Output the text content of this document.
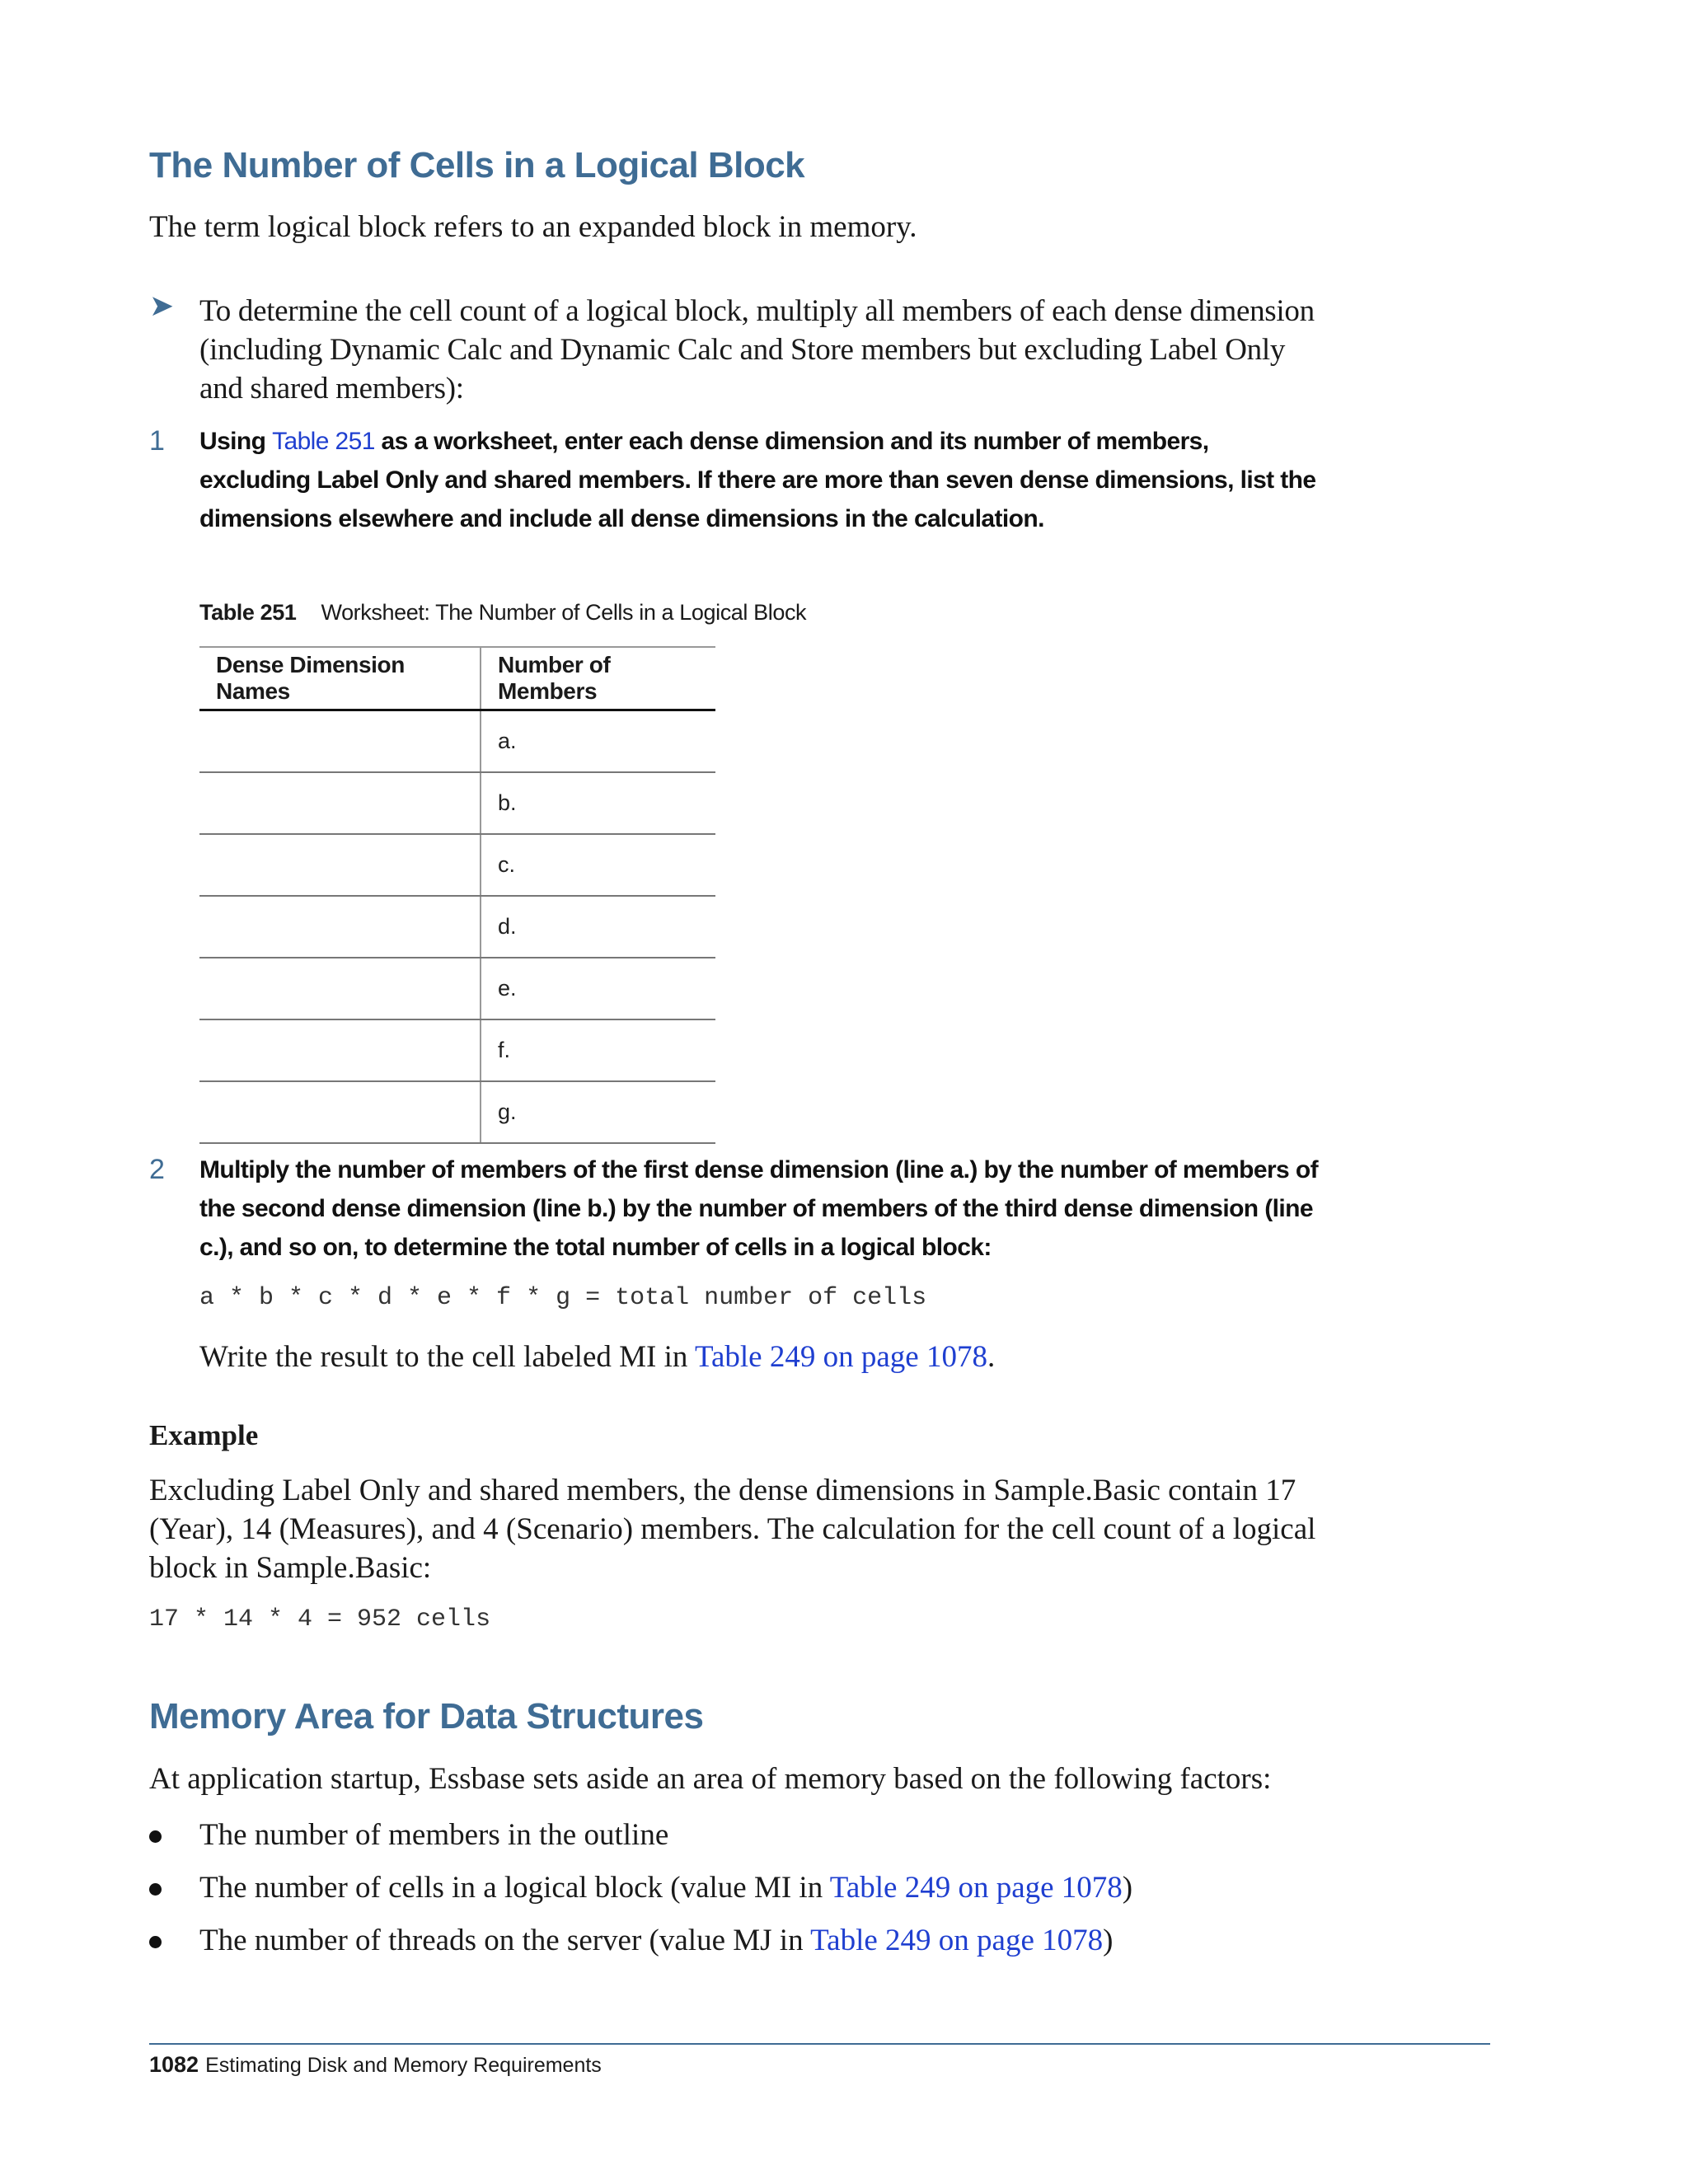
The Number of Cells in a Logical Block

The term logical block refers to an expanded block in memory.

➤ To determine the cell count of a logical block, multiply all members of each dense dimension (including Dynamic Calc and Dynamic Calc and Store members but excluding Label Only and shared members):

1 Using Table 251 as a worksheet, enter each dense dimension and its number of members, excluding Label Only and shared members. If there are more than seven dense dimensions, list the dimensions elsewhere and include all dense dimensions in the calculation.

Table 251 Worksheet: The Number of Cells in a Logical Block
Dense Dimension Names	Number of Members
	a.
	b.
	c.
	d.
	e.
	f.
	g.
2 Multiply the number of members of the first dense dimension (line a.) by the number of members of the second dense dimension (line b.) by the number of members of the third dense dimension (line c.), and so on, to determine the total number of cells in a logical block:

a * b * c * d * e * f * g = total number of cells

Write the result to the cell labeled MI in Table 249 on page 1078.

Example

Excluding Label Only and shared members, the dense dimensions in Sample.Basic contain 17 (Year), 14 (Measures), and 4 (Scenario) members. The calculation for the cell count of a logical block in Sample.Basic:

17 * 14 * 4 = 952 cells
Memory Area for Data Structures

At application startup, Essbase sets aside an area of memory based on the following factors:

The number of members in the outline
The number of cells in a logical block (value MI in Table 249 on page 1078)
The number of threads on the server (value MJ in Table 249 on page 1078)
1082 Estimating Disk and Memory Requirements
